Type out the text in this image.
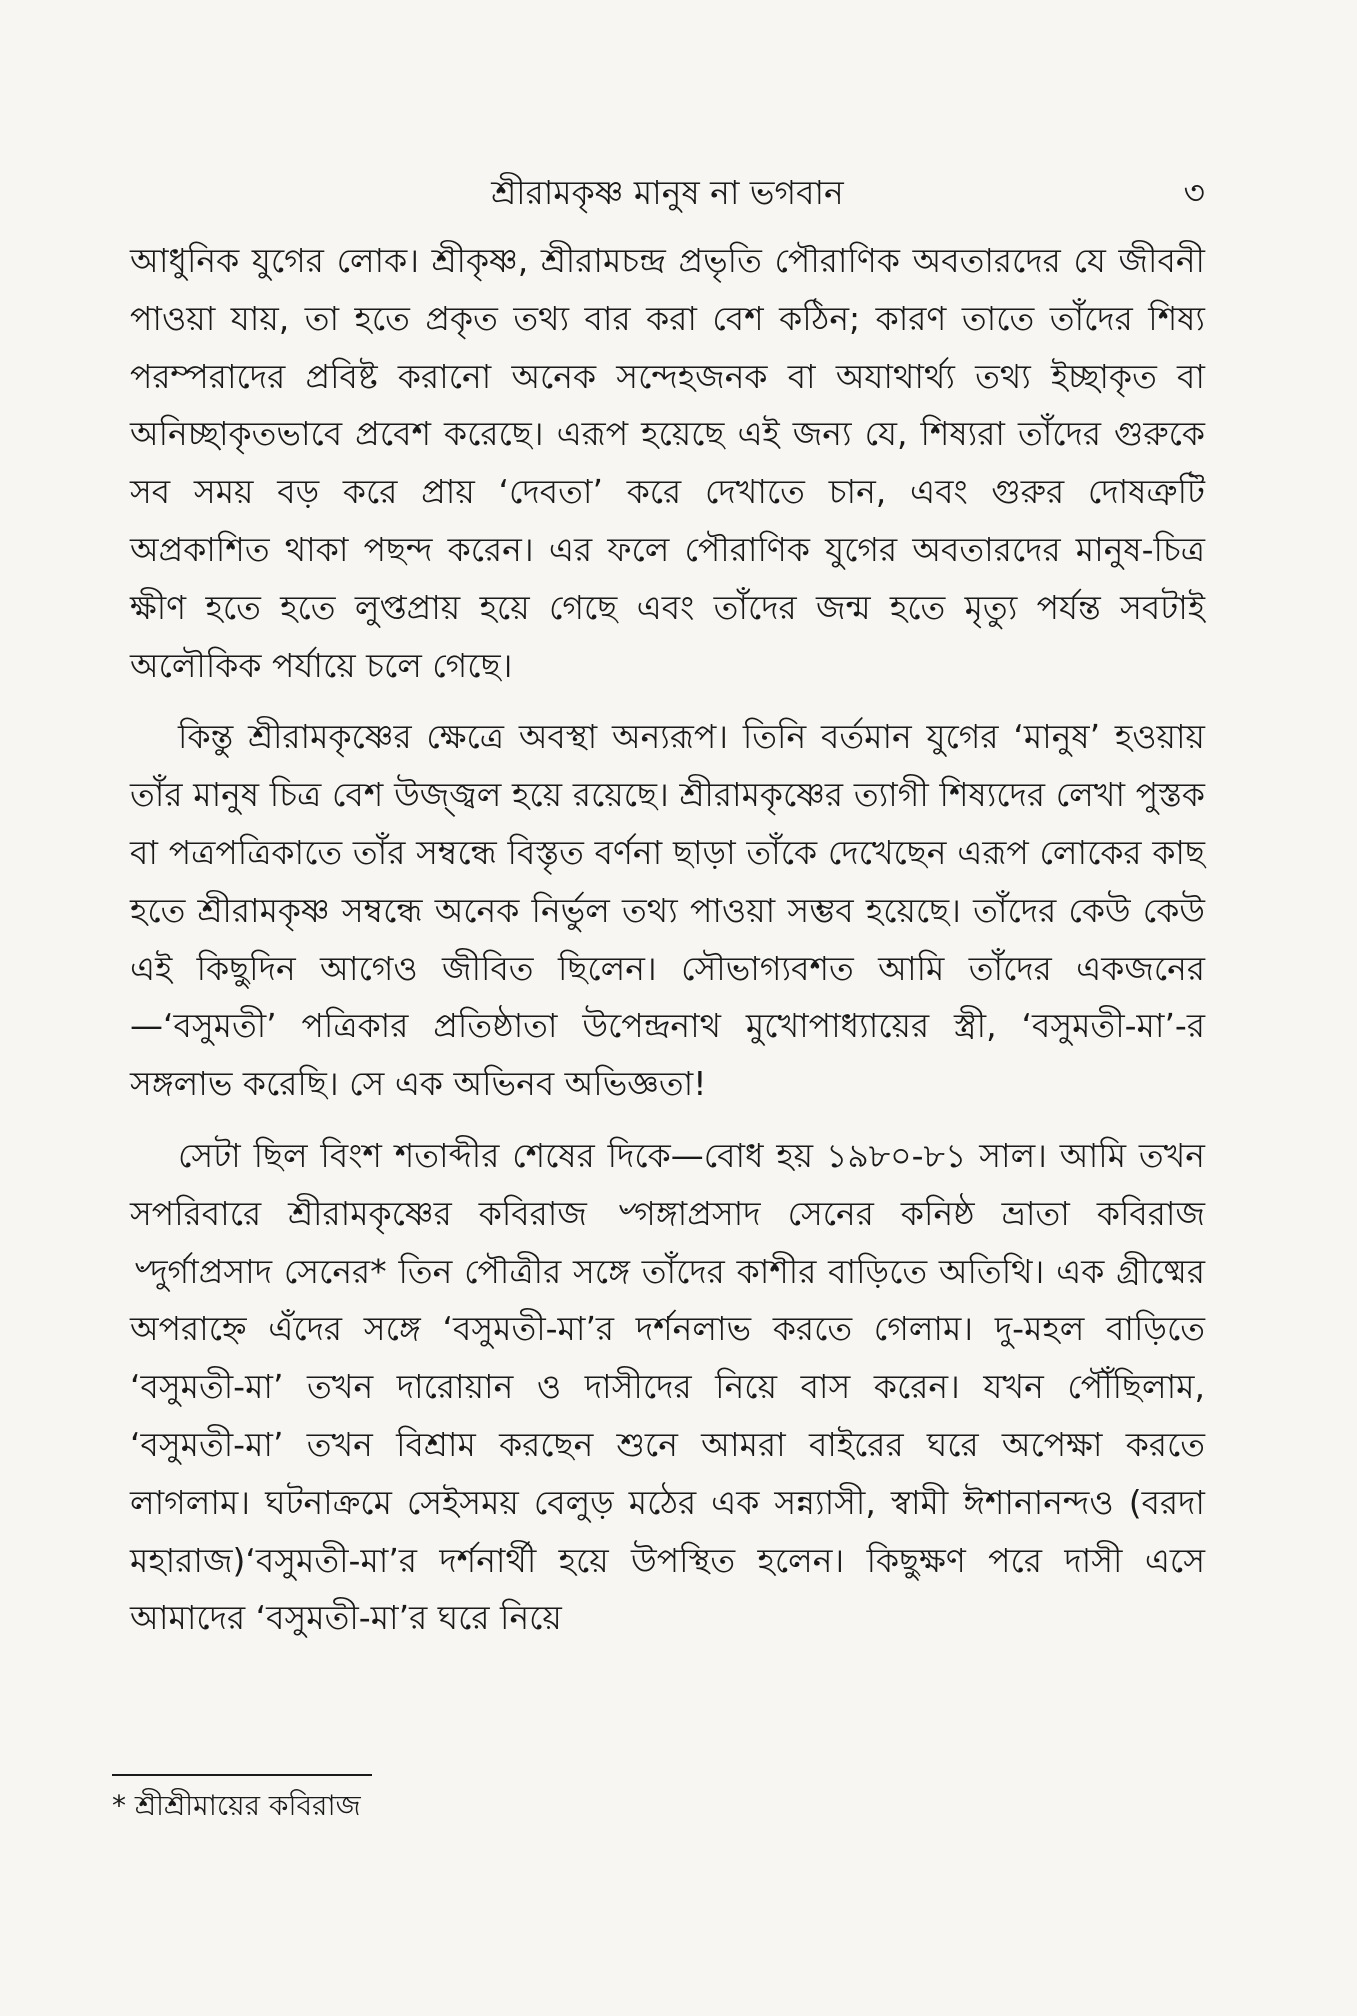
শ্রীরামকৃষ্ণ মানুষ না ভগবান	৩

আধুনিক যুগের লোক। শ্রীকৃষ্ণ, শ্রীরামচন্দ্র প্রভৃতি পৌরাণিক অবতারদের যে জীবনী পাওয়া যায়, তা হতে প্রকৃত তথ্য বার করা বেশ কঠিন; কারণ তাতে তাঁদের শিষ্য পরম্পরাদের প্রবিষ্ট করানো অনেক সন্দেহজনক বা অযাথার্থ্য তথ্য ইচ্ছাকৃত বা অনিচ্ছাকৃতভাবে প্রবেশ করেছে। এরূপ হয়েছে এই জন্য যে, শিষ্যরা তাঁদের গুরুকে সব সময় বড় করে প্রায় ‘দেবতা’ করে দেখাতে চান, এবং গুরুর দোষত্রুটি অপ্রকাশিত থাকা পছন্দ করেন। এর ফলে পৌরাণিক যুগের অবতারদের মানুষ-চিত্র ক্ষীণ হতে হতে লুপ্তপ্রায় হয়ে গেছে এবং তাঁদের জন্ম হতে মৃত্যু পর্যন্ত সবটাই অলৌকিক পর্যায়ে চলে গেছে।

কিন্তু শ্রীরামকৃষ্ণের ক্ষেত্রে অবস্থা অন্যরূপ। তিনি বর্তমান যুগের ‘মানুষ’ হওয়ায় তাঁর মানুষ চিত্র বেশ উজ্জ্বল হয়ে রয়েছে। শ্রীরামকৃষ্ণের ত্যাগী শিষ্যদের লেখা পুস্তক বা পত্রপত্রিকাতে তাঁর সম্বন্ধে বিস্তৃত বর্ণনা ছাড়া তাঁকে দেখেছেন এরূপ লোকের কাছ হতে শ্রীরামকৃষ্ণ সম্বন্ধে অনেক নির্ভুল তথ্য পাওয়া সম্ভব হয়েছে। তাঁদের কেউ কেউ এই কিছুদিন আগেও জীবিত ছিলেন। সৌভাগ্যবশত আমি তাঁদের একজনের—‘বসুমতী’ পত্রিকার প্রতিষ্ঠাতা উপেন্দ্রনাথ মুখোপাধ্যায়ের স্ত্রী, ‘বসুমতী-মা’-র সঙ্গলাভ করেছি। সে এক অভিনব অভিজ্ঞতা!

সেটা ছিল বিংশ শতাব্দীর শেষের দিকে—বোধ হয় ১৯৮০-৮১ সাল। আমি তখন সপরিবারে শ্রীরামকৃষ্ণের কবিরাজ ৺গঙ্গাপ্রসাদ সেনের কনিষ্ঠ ভ্রাতা কবিরাজ ৺দুর্গাপ্রসাদ সেনের* তিন পৌত্রীর সঙ্গে তাঁদের কাশীর বাড়িতে অতিথি। এক গ্রীষ্মের অপরাহ্নে এঁদের সঙ্গে ‘বসুমতী-মা’র দর্শনলাভ করতে গেলাম। দু-মহল বাড়িতে ‘বসুমতী-মা’ তখন দারোয়ান ও দাসীদের নিয়ে বাস করেন। যখন পৌঁছিলাম, ‘বসুমতী-মা’ তখন বিশ্রাম করছেন শুনে আমরা বাইরের ঘরে অপেক্ষা করতে লাগলাম। ঘটনাক্রমে সেইসময় বেলুড় মঠের এক সন্ন্যাসী, স্বামী ঈশানানন্দও (বরদা মহারাজ)‘বসুমতী-মা’র দর্শনার্থী হয়ে উপস্থিত হলেন। কিছুক্ষণ পরে দাসী এসে আমাদের ‘বসুমতী-মা’র ঘরে নিয়ে

* শ্রীশ্রীমায়ের কবিরাজ
